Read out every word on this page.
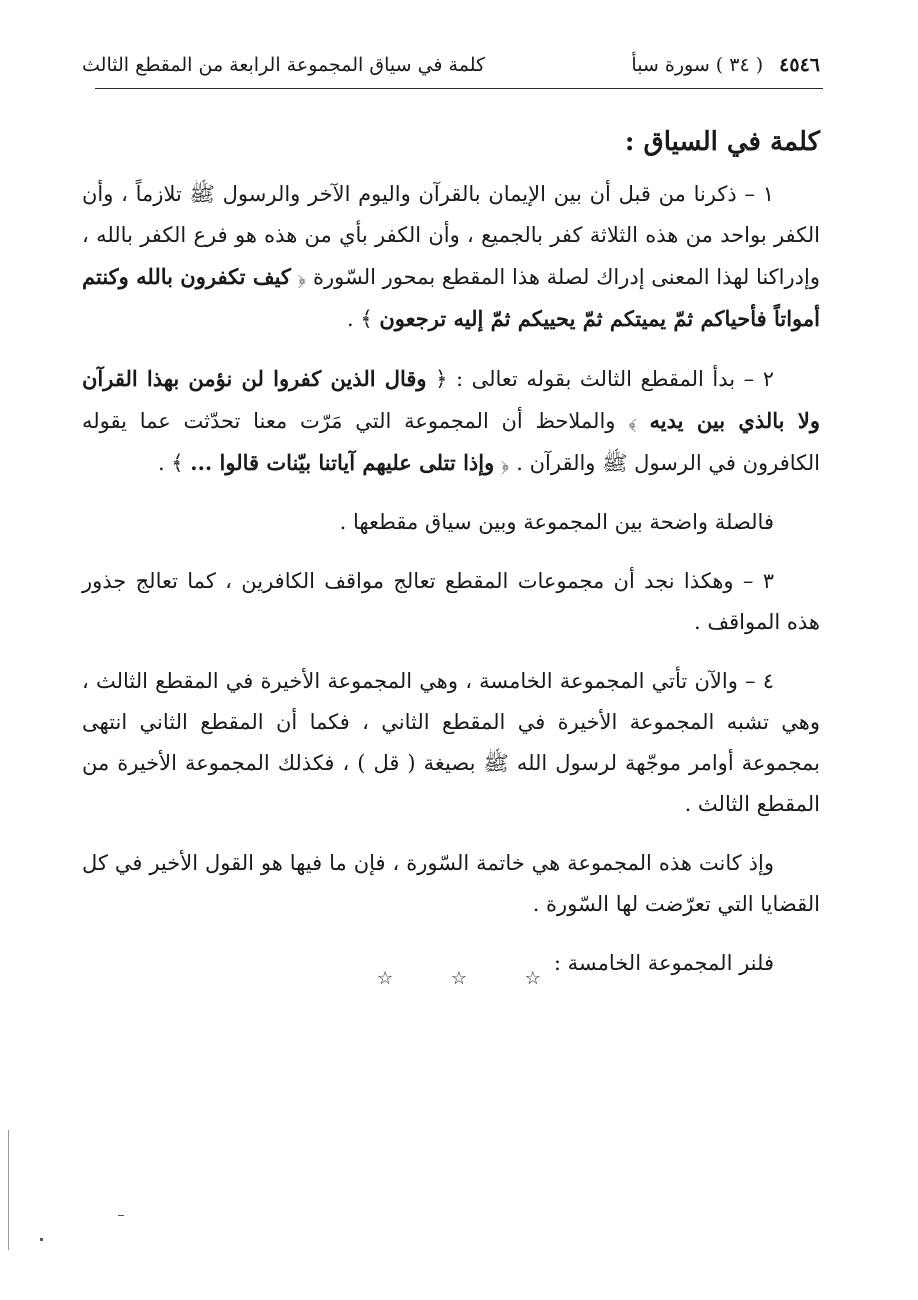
٤٥٤٦ ( ٣٤ ) سورة سبأ
كلمة في سياق المجموعة الرابعة من المقطع الثالث
كلمة في السياق :

١ – ذكرنا من قبل أن بين الإيمان بالقرآن واليوم الآخر والرسول ﷺ تلازماً ، وأن الكفر بواحد من هذه الثلاثة كفر بالجميع ، وأن الكفر بأي من هذه هو فرع الكفر بالله ، وإدراكنا لهذا المعنى إدراك لصلة هذا المقطع بمحور السّورة ﴿ كيف تكفرون بالله وكنتم أمواتاً فأحياكم ثمّ يميتكم ثمّ يحييكم ثمّ إليه ترجعون ﴾ .

٢ – بدأ المقطع الثالث بقوله تعالى : ﴿ وقال الذين كفروا لن نؤمن بهذا القرآن ولا بالذي بين يديه ﴾ والملاحظ أن المجموعة التي مَرّت معنا تحدّثت عما يقوله الكافرون في الرسول ﷺ والقرآن . ﴿ وإذا تتلى عليهم آياتنا بيّنات قالوا ... ﴾ .

فالصلة واضحة بين المجموعة وبين سياق مقطعها .

٣ – وهكذا نجد أن مجموعات المقطع تعالج مواقف الكافرين ، كما تعالج جذور هذه المواقف .

٤ – والآن تأتي المجموعة الخامسة ، وهي المجموعة الأخيرة في المقطع الثالث ، وهي تشبه المجموعة الأخيرة في المقطع الثاني ، فكما أن المقطع الثاني انتهى بمجموعة أوامر موجّهة لرسول الله ﷺ بصيغة ( قل ) ، فكذلك المجموعة الأخيرة من المقطع الثالث .

وإذ كانت هذه المجموعة هي خاتمة السّورة ، فإن ما فيها هو القول الأخير في كل القضايا التي تعرّضت لها السّورة .

فلنر المجموعة الخامسة :

☆	☆	☆
